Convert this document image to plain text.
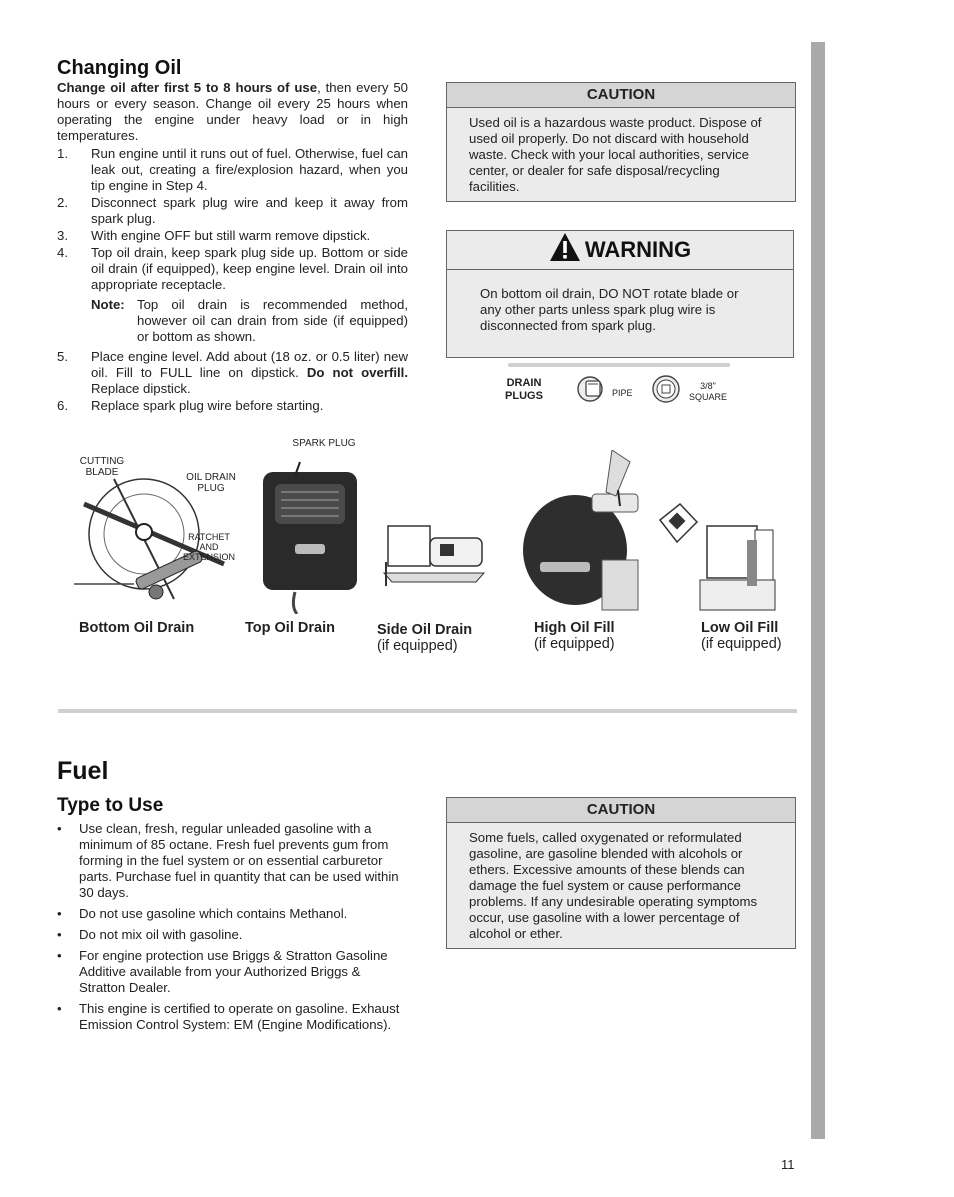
Changing Oil
Change oil after first 5 to 8 hours of use, then every 50 hours or every season. Change oil every 25 hours when operating the engine under heavy load or in high temperatures.
1. Run engine until it runs out of fuel. Otherwise, fuel can leak out, creating a fire/explosion hazard, when you tip engine in Step 4.
2. Disconnect spark plug wire and keep it away from spark plug.
3. With engine OFF but still warm remove dipstick.
4. Top oil drain, keep spark plug side up. Bottom or side oil drain (if equipped), keep engine level. Drain oil into appropriate receptacle.
Note: Top oil drain is recommended method, however oil can drain from side (if equipped) or bottom as shown.
5. Place engine level. Add about (18 oz. or 0.5 liter) new oil. Fill to FULL line on dipstick. Do not overfill. Replace dipstick.
6. Replace spark plug wire before starting.
CAUTION
Used oil is a hazardous waste product. Dispose of used oil properly. Do not discard with household waste. Check with your local authorities, service center, or dealer for safe disposal/recycling facilities.
WARNING
On bottom oil drain, DO NOT rotate blade or any other parts unless spark plug wire is disconnected from spark plug.
DRAIN
PLUGS	PIPE
3/8"
SQUARE
CUTTING
BLADE	OIL DRAIN
PLUG
RATCHET
AND
EXTENSION
SPARK PLUG
Bottom Oil Drain	Top Oil Drain	Side Oil Drain
(if equipped)
High Oil Fill
(if equipped)
Low Oil Fill
(if equipped)
Fuel
Type to Use
• Use clean, fresh, regular unleaded gasoline with a minimum of 85 octane. Fresh fuel prevents gum from forming in the fuel system or on essential carburetor parts. Purchase fuel in quantity that can be used within 30 days.
• Do not use gasoline which contains Methanol.
• Do not mix oil with gasoline.
• For engine protection use Briggs & Stratton Gasoline Additive available from your Authorized Briggs & Stratton Dealer.
• This engine is certified to operate on gasoline. Exhaust Emission Control System: EM (Engine Modifications).
CAUTION
Some fuels, called oxygenated or reformulated gasoline, are gasoline blended with alcohols or ethers. Excessive amounts of these blends can damage the fuel system or cause performance problems. If any undesirable operating symptoms occur, use gasoline with a lower percentage of alcohol or ether.
11
